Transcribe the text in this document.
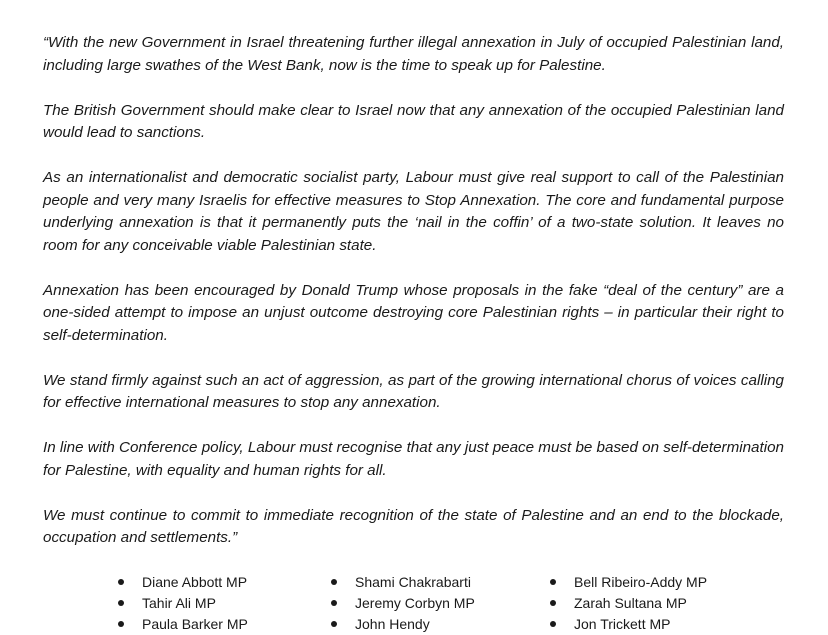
“With the new Government in Israel threatening further illegal annexation in July of occupied Palestinian land, including large swathes of the West Bank, now is the time to speak up for Palestine.

The British Government should make clear to Israel now that any annexation of the occupied Palestinian land would lead to sanctions.

As an internationalist and democratic socialist party, Labour must give real support to call of the Palestinian people and very many Israelis for effective measures to Stop Annexation. The core and fundamental purpose underlying annexation is that it permanently puts the ‘nail in the coffin’ of a two-state solution. It leaves no room for any conceivable viable Palestinian state.

Annexation has been encouraged by Donald Trump whose proposals in the fake “deal of the century” are a one-sided attempt to impose an unjust outcome destroying core Palestinian rights – in particular their right to self-determination.

We stand firmly against such an act of aggression, as part of the growing international chorus of voices calling for effective international measures to stop any annexation.

In line with Conference policy, Labour must recognise that any just peace must be based on self-determination for Palestine, with equality and human rights for all.

We must continue to commit to immediate recognition of the state of Palestine and an end to the blockade, occupation and settlements.”

Diane Abbott MP
Tahir Ali MP
Paula Barker MP
Shami Chakrabarti
Jeremy Corbyn MP
John Hendy
Bell Ribeiro-Addy MP
Zarah Sultana MP
Jon Trickett MP
